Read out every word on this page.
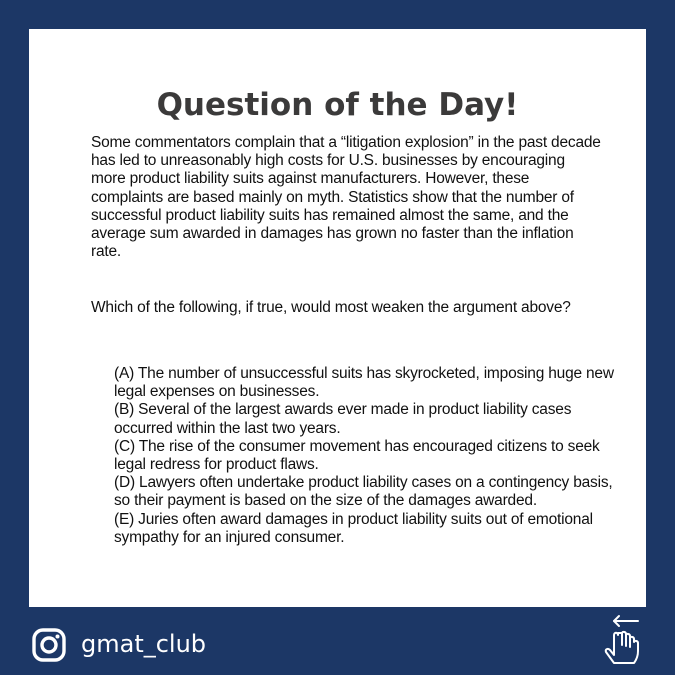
Question of the Day!

Some commentators complain that a “litigation explosion” in the past decade has led to unreasonably high costs for U.S. businesses by encouraging more product liability suits against manufacturers. However, these complaints are based mainly on myth. Statistics show that the number of successful product liability suits has remained almost the same, and the average sum awarded in damages has grown no faster than the inflation rate.

Which of the following, if true, would most weaken the argument above?

(A) The number of unsuccessful suits has skyrocketed, imposing huge new legal expenses on businesses.
(B) Several of the largest awards ever made in product liability cases occurred within the last two years.
(C) The rise of the consumer movement has encouraged citizens to seek legal redress for product flaws.
(D) Lawyers often undertake product liability cases on a contingency basis, so their payment is based on the size of the damages awarded.
(E) Juries often award damages in product liability suits out of emotional sympathy for an injured consumer.
gmat_club
